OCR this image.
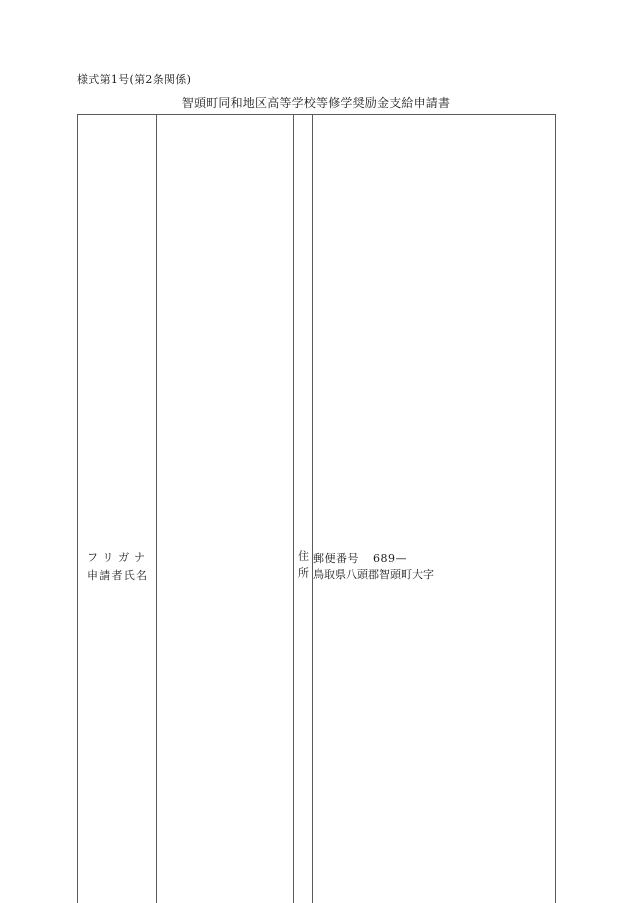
様式第1号(第2条関係)
智頭町同和地区高等学校等修学奨励金支給申請書
フリガナ
申請者氏名		住所	郵便番号 689—
鳥取県八頭郡智頭町大字
